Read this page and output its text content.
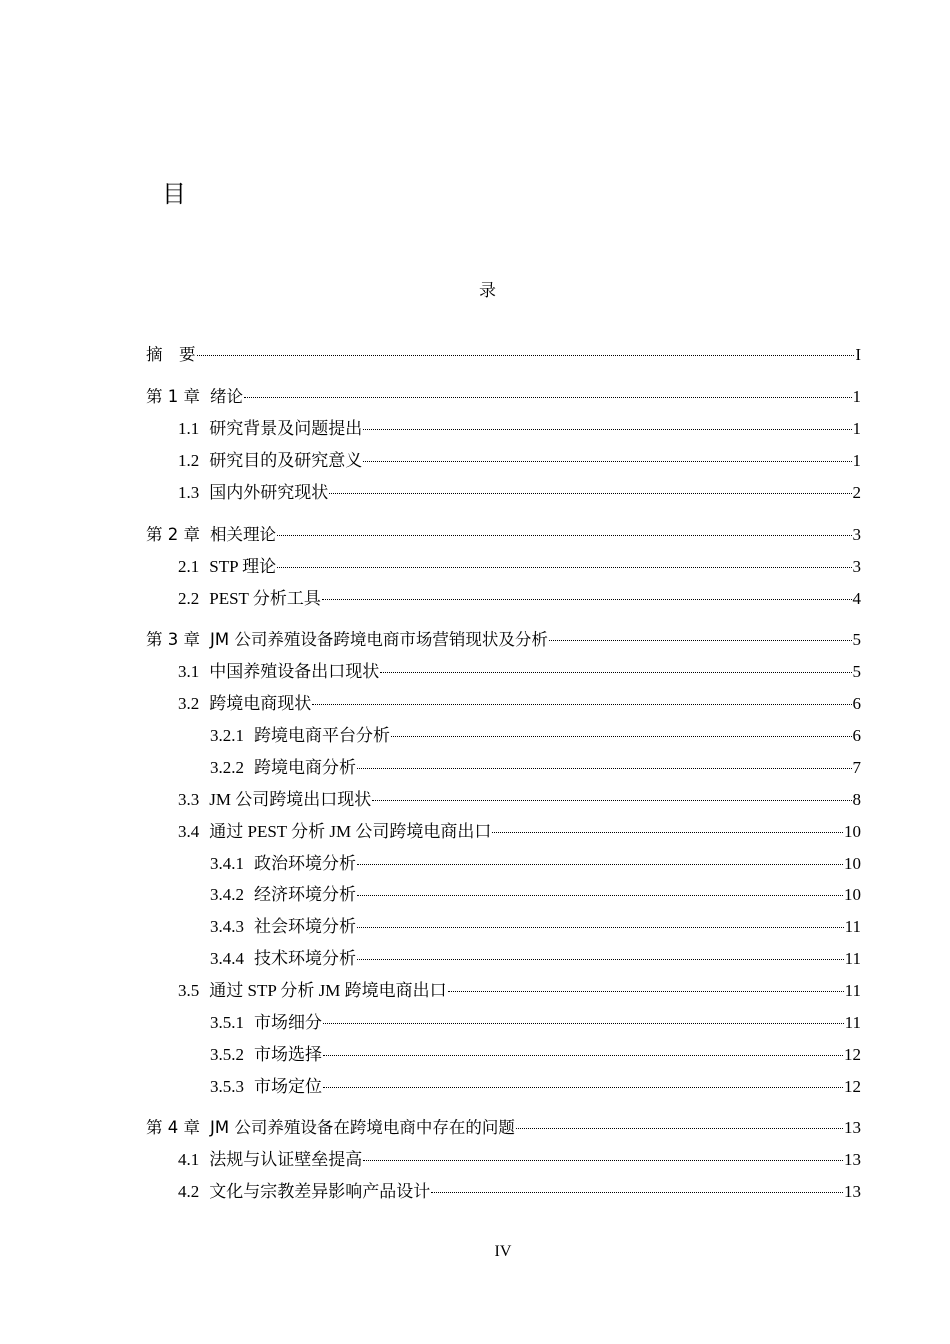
目
录
摘　要	I
第 1 章 绪论	1
1.1 研究背景及问题提出	1
1.2 研究目的及研究意义	1
1.3 国内外研究现状	2
第 2 章 相关理论	3
2.1 STP 理论	3
2.2 PEST 分析工具	4
第 3 章 JM 公司养殖设备跨境电商市场营销现状及分析	5
3.1 中国养殖设备出口现状	5
3.2 跨境电商现状	6
3.2.1 跨境电商平台分析	6
3.2.2 跨境电商分析	7
3.3 JM 公司跨境出口现状	8
3.4 通过 PEST 分析 JM 公司跨境电商出口	10
3.4.1 政治环境分析	10
3.4.2 经济环境分析	10
3.4.3 社会环境分析	11
3.4.4 技术环境分析	11
3.5 通过 STP 分析 JM 跨境电商出口	11
3.5.1 市场细分	11
3.5.2 市场选择	12
3.5.3 市场定位	12
第 4 章 JM 公司养殖设备在跨境电商中存在的问题	13
4.1 法规与认证壁垒提高	13
4.2 文化与宗教差异影响产品设计	13
IV
